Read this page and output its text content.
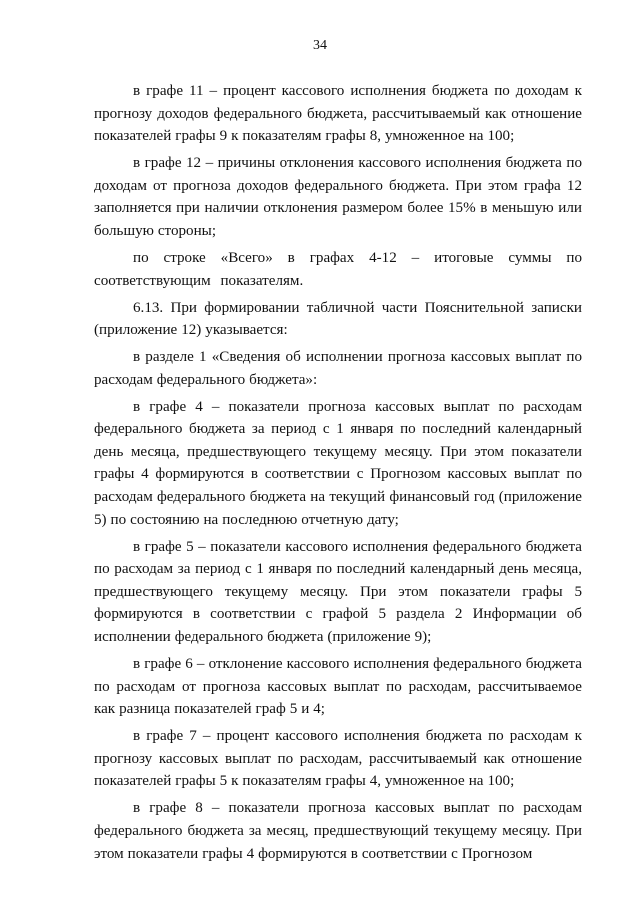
34

в графе 11 – процент кассового исполнения бюджета по доходам к прогнозу доходов федерального бюджета, рассчитываемый как отношение показателей графы 9 к показателям графы 8, умноженное на 100;

в графе 12 – причины отклонения кассового исполнения бюджета по доходам от прогноза доходов федерального бюджета. При этом графа 12 заполняется при наличии отклонения размером более 15% в меньшую или большую стороны;

по строке «Всего» в графах 4-12 – итоговые суммы по соответствующим показателям.

6.13. При формировании табличной части Пояснительной записки (приложение 12) указывается:

в разделе 1 «Сведения об исполнении прогноза кассовых выплат по расходам федерального бюджета»:

в графе 4 – показатели прогноза кассовых выплат по расходам федерального бюджета за период с 1 января по последний календарный день месяца, предшествующего текущему месяцу. При этом показатели графы 4 формируются в соответствии с Прогнозом кассовых выплат по расходам федерального бюджета на текущий финансовый год (приложение 5) по состоянию на последнюю отчетную дату;

в графе 5 – показатели кассового исполнения федерального бюджета по расходам за период с 1 января по последний календарный день месяца, предшествующего текущему месяцу. При этом показатели графы 5 формируются в соответствии с графой 5 раздела 2 Информации об исполнении федерального бюджета (приложение 9);

в графе 6 – отклонение кассового исполнения федерального бюджета по расходам от прогноза кассовых выплат по расходам, рассчитываемое как разница показателей граф 5 и 4;

в графе 7 – процент кассового исполнения бюджета по расходам к прогнозу кассовых выплат по расходам, рассчитываемый как отношение показателей графы 5 к показателям графы 4, умноженное на 100;

в графе 8 – показатели прогноза кассовых выплат по расходам федерального бюджета за месяц, предшествующий текущему месяцу. При этом показатели графы 4 формируются в соответствии с Прогнозом
